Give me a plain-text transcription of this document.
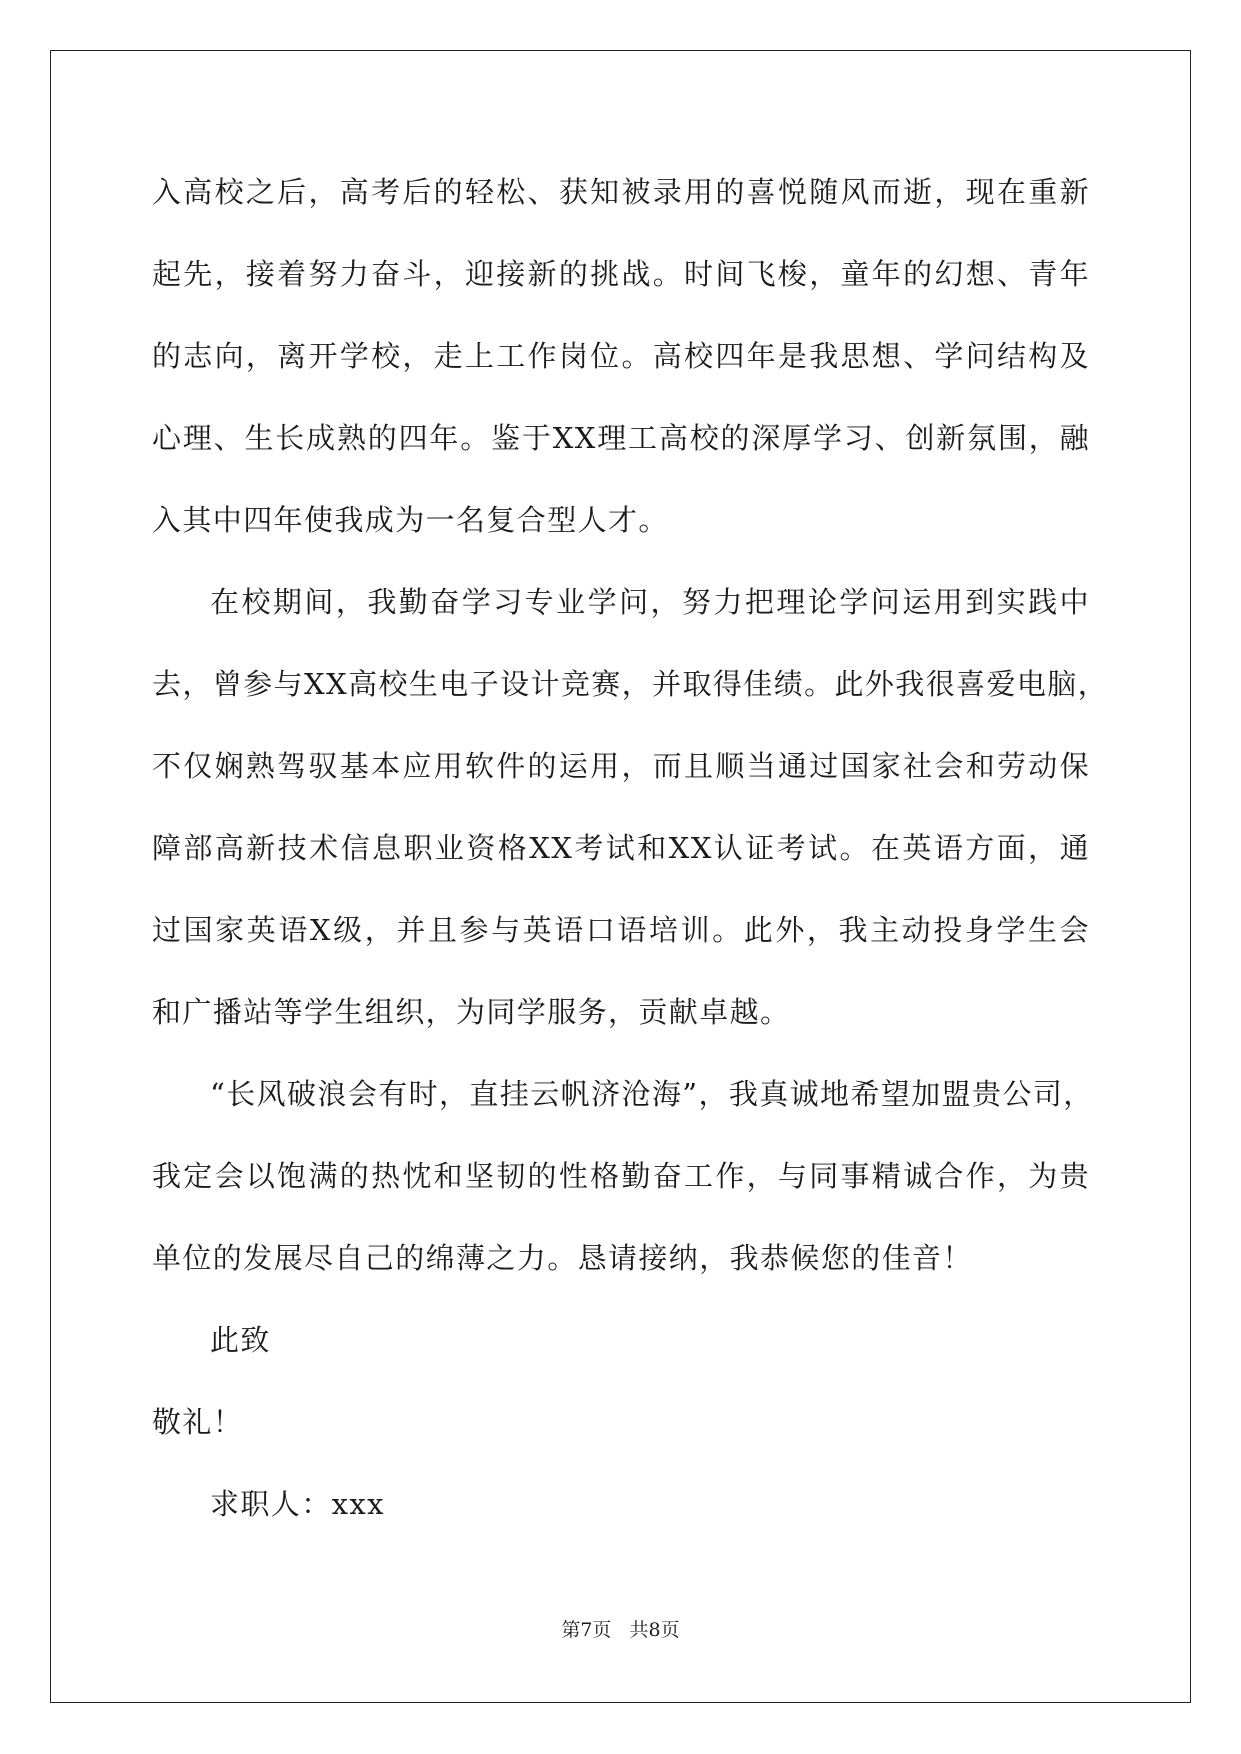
入高校之后，高考后的轻松、获知被录用的喜悦随风而逝，现在重新
起先，接着努力奋斗，迎接新的挑战。时间飞梭，童年的幻想、青年
的志向，离开学校，走上工作岗位。高校四年是我思想、学问结构及
心理、生长成熟的四年。鉴于XX理工高校的深厚学习、创新氛围，融
入其中四年使我成为一名复合型人才。
在校期间，我勤奋学习专业学问，努力把理论学问运用到实践中
去，曾参与XX高校生电子设计竞赛，并取得佳绩。此外我很喜爱电脑，
不仅娴熟驾驭基本应用软件的运用，而且顺当通过国家社会和劳动保
障部高新技术信息职业资格XX考试和XX认证考试。在英语方面，通
过国家英语X级，并且参与英语口语培训。此外，我主动投身学生会
和广播站等学生组织，为同学服务，贡献卓越。
“长风破浪会有时，直挂云帆济沧海”，我真诚地希望加盟贵公司，
我定会以饱满的热忱和坚韧的性格勤奋工作，与同事精诚合作，为贵
单位的发展尽自己的绵薄之力。恳请接纳，我恭候您的佳音！
此致
敬礼！
求职人：xxx
第7页   共8页
